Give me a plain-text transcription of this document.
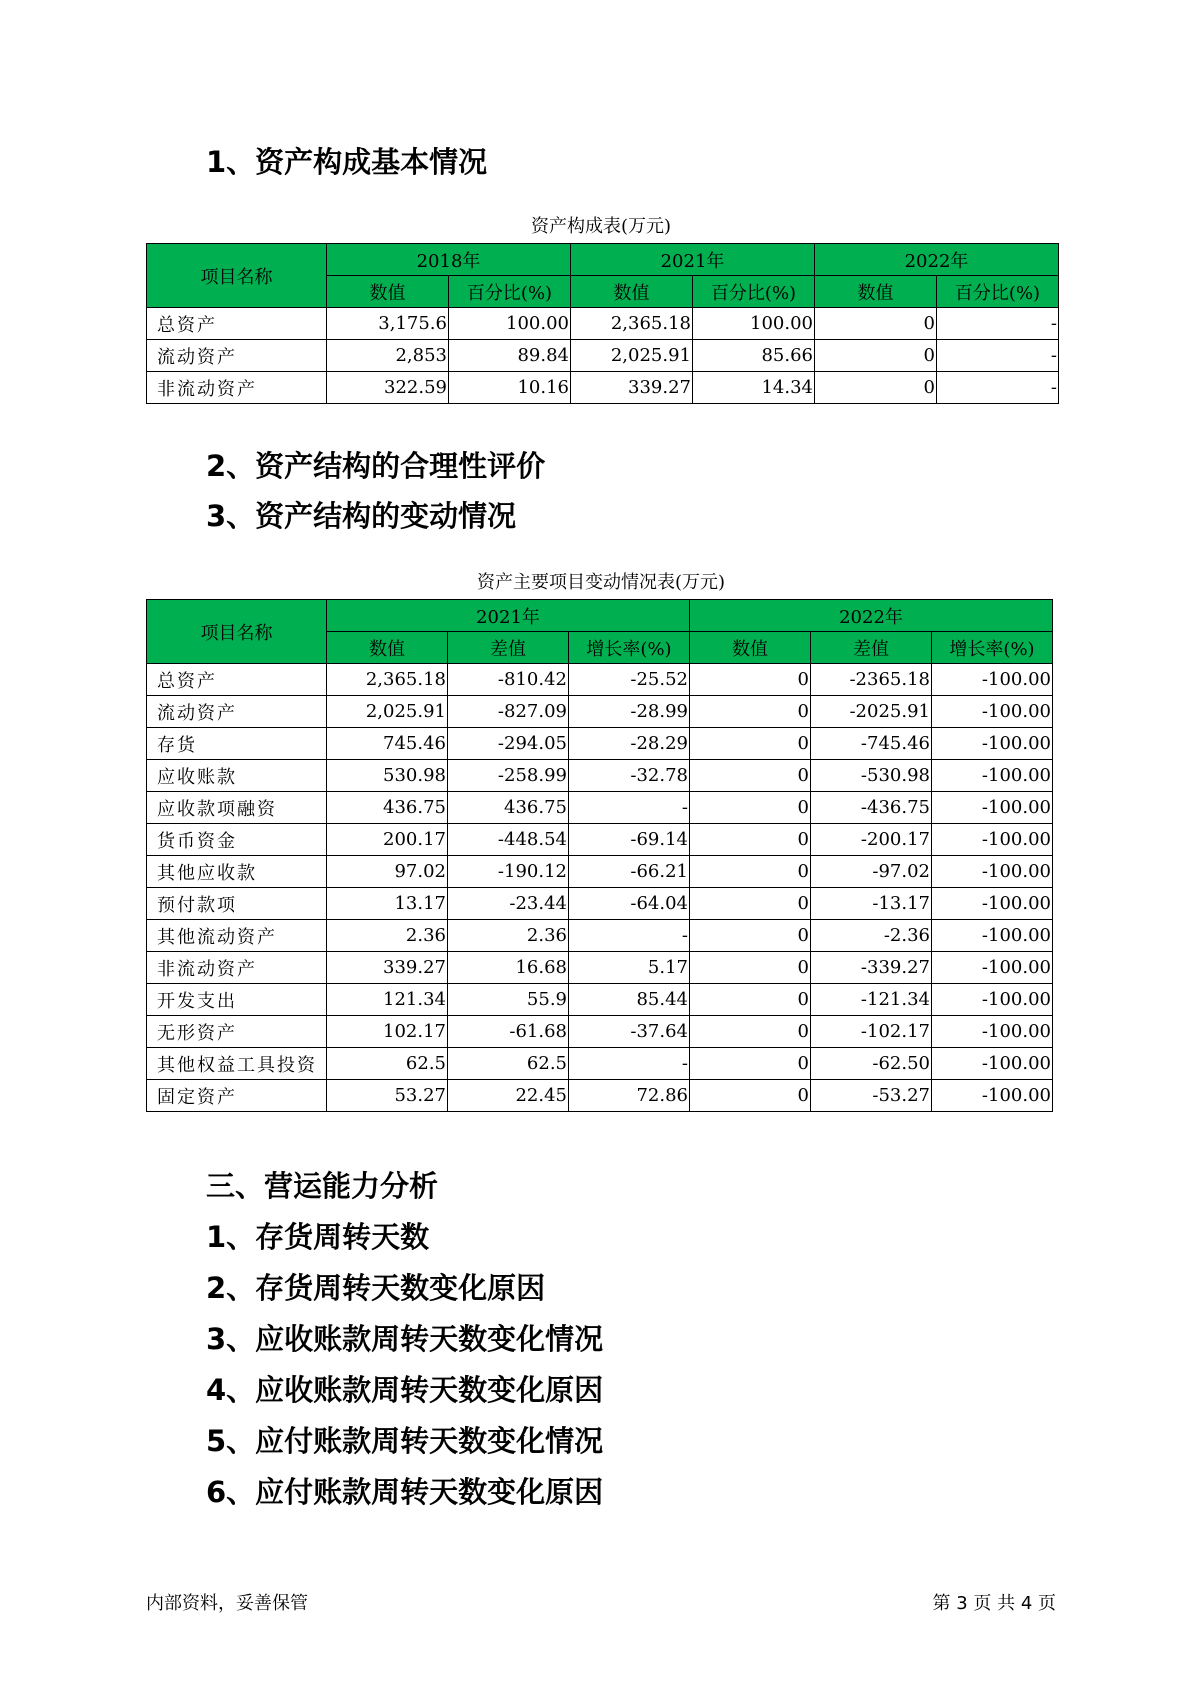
1、资产构成基本情况

资产构成表(万元)

项目名称	2018年		2021年		2022年	
	数值	百分比(%)	数值	百分比(%)	数值	百分比(%)
总资产	3,175.6	100.00	2,365.18	100.00	0	-
流动资产	2,853	89.84	2,025.91	85.66	0	-
非流动资产	322.59	10.16	339.27	14.34	0	-
2、资产结构的合理性评价
3、资产结构的变动情况

资产主要项目变动情况表(万元)

项目名称	2021年			2022年		
	数值	差值	增长率(%)	数值	差值	增长率(%)
总资产	2,365.18	-810.42	-25.52	0	-2365.18	-100.00
流动资产	2,025.91	-827.09	-28.99	0	-2025.91	-100.00
存货	745.46	-294.05	-28.29	0	-745.46	-100.00
应收账款	530.98	-258.99	-32.78	0	-530.98	-100.00
应收款项融资	436.75	436.75	-	0	-436.75	-100.00
货币资金	200.17	-448.54	-69.14	0	-200.17	-100.00
其他应收款	97.02	-190.12	-66.21	0	-97.02	-100.00
预付款项	13.17	-23.44	-64.04	0	-13.17	-100.00
其他流动资产	2.36	2.36	-	0	-2.36	-100.00
非流动资产	339.27	16.68	5.17	0	-339.27	-100.00
开发支出	121.34	55.9	85.44	0	-121.34	-100.00
无形资产	102.17	-61.68	-37.64	0	-102.17	-100.00
其他权益工具投资	62.5	62.5	-	0	-62.50	-100.00
固定资产	53.27	22.45	72.86	0	-53.27	-100.00
三、营运能力分析
1、存货周转天数
2、存货周转天数变化原因
3、应收账款周转天数变化情况
4、应收账款周转天数变化原因
5、应付账款周转天数变化情况
6、应付账款周转天数变化原因

内部资料，妥善保管	第 3 页 共 4 页
